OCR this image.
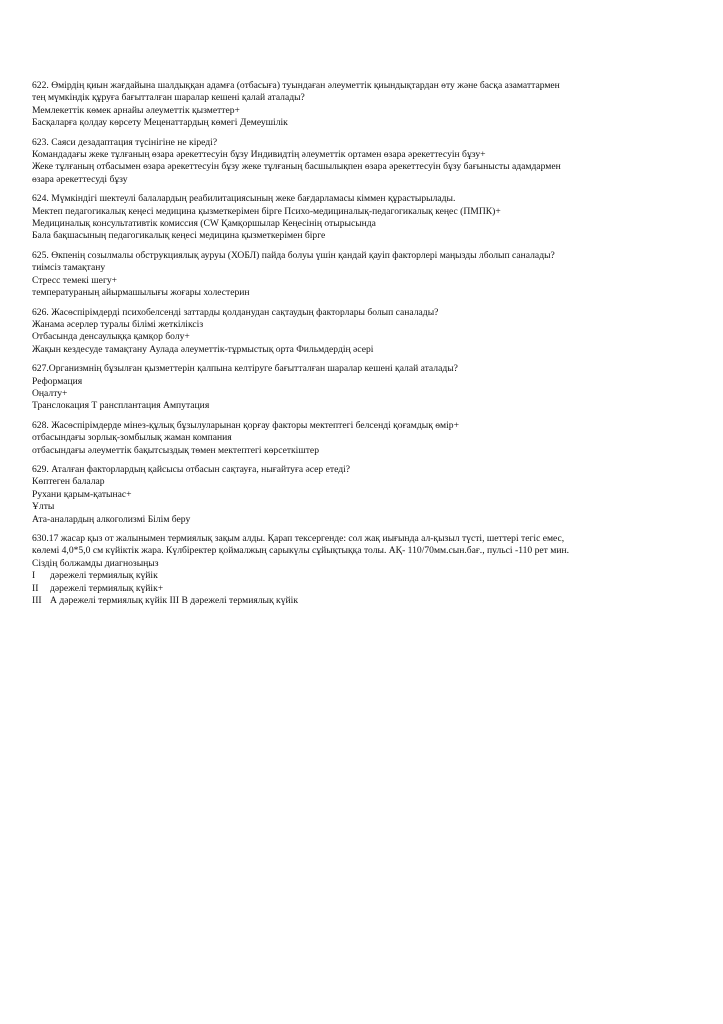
622. Өмірдің қиын жағдайына шалдыққан адамға (отбасыға) туындаған әлеуметтік қиындықтардан өту және басқа азаматтармен
тең мүмкіндік құруға бағытталған шаралар кешені қалай аталады?
Мемлекеттік көмек арнайы әлеуметтік қызметтер+
Басқаларға қолдау көрсету Меценаттардың көмегі Демеушілік
623. Саяси дезадаптация түсінігіне не кіреді?
Командадағы жеке тұлғаның өзара әрекеттесуін бұзу Индивидтің әлеуметтік ортамен өзара әрекеттесуін бұзу+
Жеке тұлғаның отбасымен өзара әрекеттесуін бұзу жеке тұлғаның басшылықпен өзара әрекеттесуін бұзу бағынысты адамдармен
өзара әрекеттесуді бұзу
624. Мүмкіндігі шектеулі балалардың реабилитациясының жеке бағдарламасы кіммен құрастырылады.
Мектеп педагогикалық кеңесі медицина қызметкерімен бірге Психо-медициналық-педагогикалық кеңес (ПМПК)+
Медициналық консультативтік комиссия (CW Қамқоршылар Кеңесінің отырысында
Бала бақшасының педагогикалық кеңесі медицина қызметкерімен бірге
625. Өкпенің созылмалы обструкциялық ауруы (ХОБЛ) пайда болуы үшін қандай қауіп факторлері маңызды лболып саналады?
тиімсіз тамақтану
Стресс темекі шегу+
температураның айырмашылығы жоғары холестерин
626. Жасөспірімдерді психобелсенді заттарды қолданудан сақтаудың факторлары болып саналады?
Жанама әсерлер туралы білімі жеткіліксіз
Отбасында денсаулыққа қамқор болу+
Жақын кездесуде тамақтану Аулада әлеуметтік-тұрмыстық орта Фильмдердің әсері
627.Организмнің бұзылған қызметтерін қалпына келтіруге бағытталған шаралар кешені қалай аталады?
Реформация
Оңалту+
Транслокация Т рансплантация Ампутация
628. Жасөспірімдерде мінез-құлық бұзылуларынан қорғау факторы мектептегі белсенді қоғамдық өмір+
отбасындағы зорлық-зомбылық жаман компания
отбасындағы әлеуметтік бақытсыздық төмен мектептегі көрсеткіштер
629. Аталған факторлардың қайсысы отбасын сақтауға, нығайтуға әсер етеді?
Көптеген балалар
Рухани қарым-қатынас+
Ұлты
Ата-аналардың алкоголизмі Білім беру
630.17 жасар қыз от жалынымен термиялық зақым алды. Қарап тексергенде: сол жақ иығында ал-қызыл түсті, шеттері тегіс емес,
көлемі 4,0*5,0 см күйіктік жара. Күлбіректер қоймалжың сарыкүлы сұйықтыққа толы. АҚ- 110/70мм.сын.бағ., пульсі -110 рет мин.
Сіздің болжамды диагнозыңыз
I	дәрежелі термиялық күйік
II	дәрежелі термиялық күйік+
III А дәрежелі термиялық күйік III В дәрежелі термиялық күйік
